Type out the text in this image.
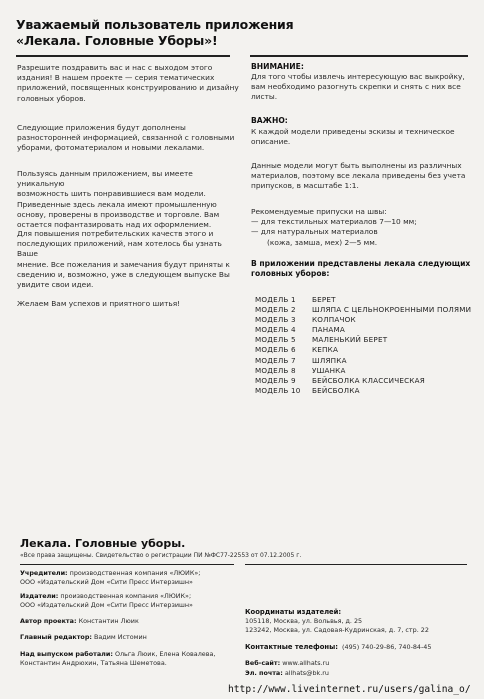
Уважаемый пользователь приложения
«Лекала. Головные Уборы»!
Разрешите поздравить вас и нас с выходом этого
издания! В нашем проекте — серия тематических
приложений, посвященных конструированию и дизайну
головных уборов.
Следующие приложения будут дополнены
разносторонней информацией, связанной с головными
уборами, фотоматериалом и новыми лекалами.
Пользуясь данным приложением, вы имеете уникальную
возможность шить понравившиеся вам модели.
Приведенные здесь лекала имеют промышленную
основу, проверены в производстве и торговле. Вам
остается пофантазировать над их оформлением.
Для повышения потребительских качеств этого и
последующих приложений, нам хотелось бы узнать Ваше
мнение. Все пожелания и замечания будут приняты к
сведению и, возможно, уже в следующем выпуске Вы
увидите свои идеи.
Желаем Вам успехов и приятного шитья!
ВНИМАНИЕ:
Для того чтобы извлечь интересующую вас выкройку,
вам необходимо разогнуть скрепки и снять с них все
листы.
ВАЖНО:
К каждой модели приведены эскизы и техническое
описание.
Данные модели могут быть выполнены из различных
материалов, поэтому все лекала приведены без учета
припусков, в масштабе 1:1.
Рекомендуемые припуски на швы:
— для текстильных материалов 7—10 мм;
— для натуральных материалов
(кожа, замша, мех) 2—5 мм.
В приложении представлены лекала следующих
головных уборов:
МОДЕЛЬ 1	БЕРЕТ
МОДЕЛЬ 2	ШЛЯПА С ЦЕЛЬНОКРОЕННЫМИ ПОЛЯМИ
МОДЕЛЬ 3	КОЛПАЧОК
МОДЕЛЬ 4	ПАНАМА
МОДЕЛЬ 5	МАЛЕНЬКИЙ БЕРЕТ
МОДЕЛЬ 6	КЕПКА
МОДЕЛЬ 7	ШЛЯПКА
МОДЕЛЬ 8	УШАНКА
МОДЕЛЬ 9	БЕЙСБОЛКА КЛАССИЧЕСКАЯ
МОДЕЛЬ 10	БЕЙСБОЛКА
Лекала. Головные уборы.
«Все права защищены. Свидетельство о регистрации ПИ №ФС77-22553 от 07.12.2005 г.
Учредители: производственная компания «ЛЮИК»;
ООО «Издательский Дом «Сити Пресс Интерзишн»
Издатели: производственная компания «ЛЮИК»;
ООО «Издательский Дом «Сити Пресс Интерзишн»
Автор проекта: Константин Люик
Главный редактор: Вадим Истомин
Над выпуском работали: Ольга Люик, Елена Ковалева,
Константин Андрюхин, Татьяна Шеметова.
Координаты издателей:
105118, Москва, ул. Вольвья, д. 25
123242, Москва, ул. Садовая-Кудринская, д. 7, стр. 22
Контактные телефоны: (495) 740-29-86, 740-84-45
Веб-сайт: www.allhats.ru
Эл. почта: allhats@bk.ru
http://www.liveinternet.ru/users/galina_o/
